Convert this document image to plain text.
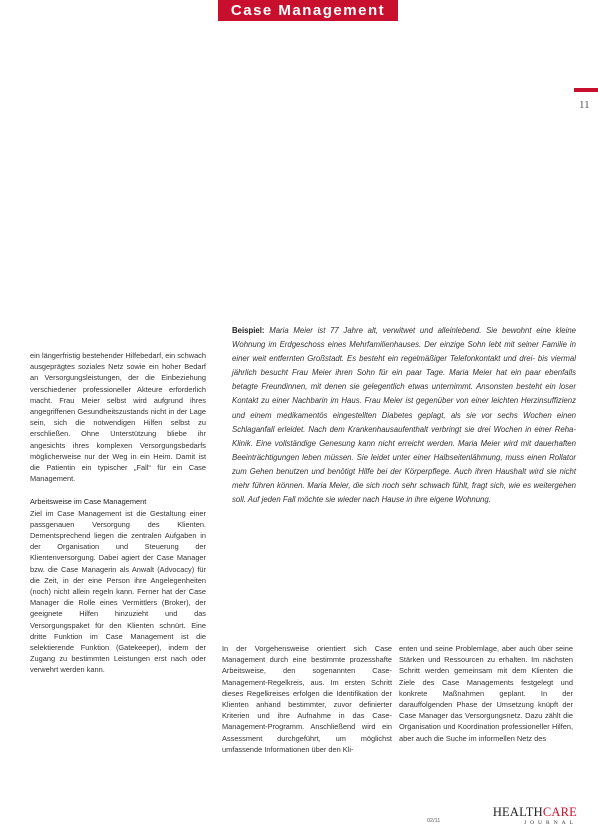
Case Management
11

ein längerfristig bestehender Hilfebedarf, ein schwach ausgeprägtes soziales Netz sowie ein hoher Bedarf an Versorgungsleistungen, der die Einbeziehung verschiedener professioneller Akteure erforderlich macht. Frau Meier selbst wird aufgrund ihres angegriffenen Gesundheitszustands nicht in der Lage sein, sich die notwendigen Hilfen selbst zu erschließen. Ohne Unterstützung bliebe ihr angesichts ihres komplexen Versorgungsbedarfs möglicherweise nur der Weg in ein Heim. Damit ist die Patientin ein typischer „Fall“ für ein Case Management.

Arbeitsweise im Case Management

Ziel im Case Management ist die Gestaltung einer passgenauen Versorgung des Klienten. Dementsprechend liegen die zentralen Aufgaben in der Organisation und Steuerung der Klientenversorgung. Dabei agiert der Case Manager bzw. die Case Managerin als Anwalt (Advocacy) für die Zeit, in der eine Person ihre Angelegenheiten (noch) nicht allein regeln kann. Ferner hat der Case Manager die Rolle eines Vermittlers (Broker), der geeignete Hilfen hinzuzieht und das Versorgungspaket für den Klienten schnürt. Eine dritte Funktion im Case Management ist die selektierende Funktion (Gatekeeper), indem der Zugang zu bestimmten Leistungen erst nach oder verwehrt werden kann.

Beispiel: Maria Meier ist 77 Jahre alt, verwitwet und alleinlebend. Sie bewohnt eine kleine Wohnung im Erdgeschoss eines Mehrfamilienhauses. Der einzige Sohn lebt mit seiner Familie in einer weit entfernten Großstadt. Es besteht ein regelmäßiger Telefonkontakt und drei- bis viermal jährlich besucht Frau Meier ihren Sohn für ein paar Tage. Maria Meier hat ein paar ebenfalls betagte Freundinnen, mit denen sie gelegentlich etwas unternimmt. Ansonsten besteht ein loser Kontakt zu einer Nachbarin im Haus. Frau Meier ist gegenüber von einer leichten Herzinsuffizienz und einem medikamentös eingestellten Diabetes geplagt, als sie vor sechs Wochen einen Schlaganfall erleidet. Nach dem Krankenhausaufenthalt verbringt sie drei Wochen in einer Reha-Klinik. Eine vollständige Genesung kann nicht erreicht werden. Maria Meier wird mit dauerhaften Beeinträchtigungen leben müssen. Sie leidet unter einer Halbseitenlähmung, muss einen Rollator zum Gehen benutzen und benötigt Hilfe bei der Körperpflege. Auch ihren Haushalt wird sie nicht mehr führen können. Maria Meier, die sich noch sehr schwach fühlt, fragt sich, wie es weitergehen soll. Auf jeden Fall möchte sie wieder nach Hause in ihre eigene Wohnung.

In der Vorgehensweise orientiert sich Case Management durch eine bestimmte prozesshafte Arbeitsweise, den sogenannten Case-Management-Regelkreis, aus. Im ersten Schritt dieses Regelkreises erfolgen die Identifikation der Klienten anhand bestimmter, zuvor definierter Kriterien und ihre Aufnahme in das Case-Management-Programm. Anschließend wird ein Assessment durchgeführt, um möglichst umfassende Informationen über den Kli-

enten und seine Problemlage, aber auch über seine Stärken und Ressourcen zu erhalten. Im nächsten Schritt werden gemeinsam mit dem Klienten die Ziele des Case Managements festgelegt und konkrete Maßnahmen geplant. In der darauffolgenden Phase der Umsetzung knüpft der Case Manager das Versorgungsnetz. Dazu zählt die Organisation und Koordination professioneller Hilfen, aber auch die Suche im informellen Netz des

02/11
HEALTHCARE
JOURNAL
